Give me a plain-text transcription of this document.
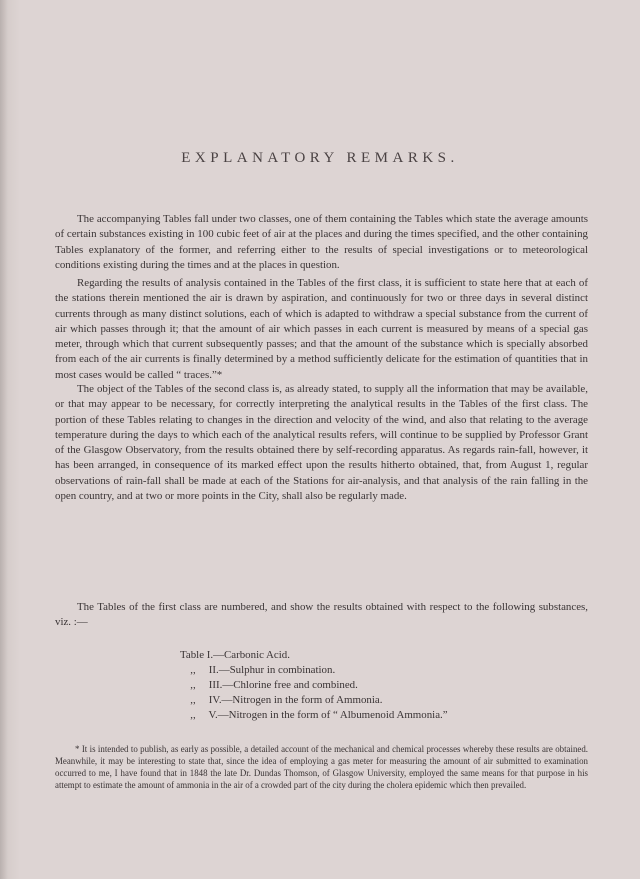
EXPLANATORY REMARKS.

The accompanying Tables fall under two classes, one of them containing the Tables which state the average amounts of certain substances existing in 100 cubic feet of air at the places and during the times specified, and the other containing Tables explanatory of the former, and referring either to the results of special investigations or to meteorological conditions existing during the times and at the places in question.

Regarding the results of analysis contained in the Tables of the first class, it is sufficient to state here that at each of the stations therein mentioned the air is drawn by aspiration, and continuously for two or three days in several distinct currents through as many distinct solutions, each of which is adapted to withdraw a special substance from the current of air which passes through it; that the amount of air which passes in each current is measured by means of a special gas meter, through which that current subsequently passes; and that the amount of the substance which is specially absorbed from each of the air currents is finally determined by a method sufficiently delicate for the estimation of quantities that in most cases would be called “ traces.”*

The object of the Tables of the second class is, as already stated, to supply all the information that may be available, or that may appear to be necessary, for correctly interpreting the analytical results in the Tables of the first class. The portion of these Tables relating to changes in the direction and velocity of the wind, and also that relating to the average temperature during the days to which each of the analytical results refers, will continue to be supplied by Professor Grant of the Glasgow Observatory, from the results obtained there by self-recording apparatus. As regards rain-fall, however, it has been arranged, in consequence of its marked effect upon the results hitherto obtained, that, from August 1, regular observations of rain-fall shall be made at each of the Stations for air-analysis, and that analysis of the rain falling in the open country, and at two or more points in the City, shall also be regularly made.

The Tables of the first class are numbered, and show the results obtained with respect to the following substances, viz. :—

Table I.—Carbonic Acid.
,, II.—Sulphur in combination.
,, III.—Chlorine free and combined.
,, IV.—Nitrogen in the form of Ammonia.
,, V.—Nitrogen in the form of “ Albumenoid Ammonia.”

* It is intended to publish, as early as possible, a detailed account of the mechanical and chemical processes whereby these results are obtained. Meanwhile, it may be interesting to state that, since the idea of employing a gas meter for measuring the amount of air submitted to examination occurred to me, I have found that in 1848 the late Dr. Dundas Thomson, of Glasgow University, employed the same means for that purpose in his attempt to estimate the amount of ammonia in the air of a crowded part of the city during the cholera epidemic which then prevailed.
